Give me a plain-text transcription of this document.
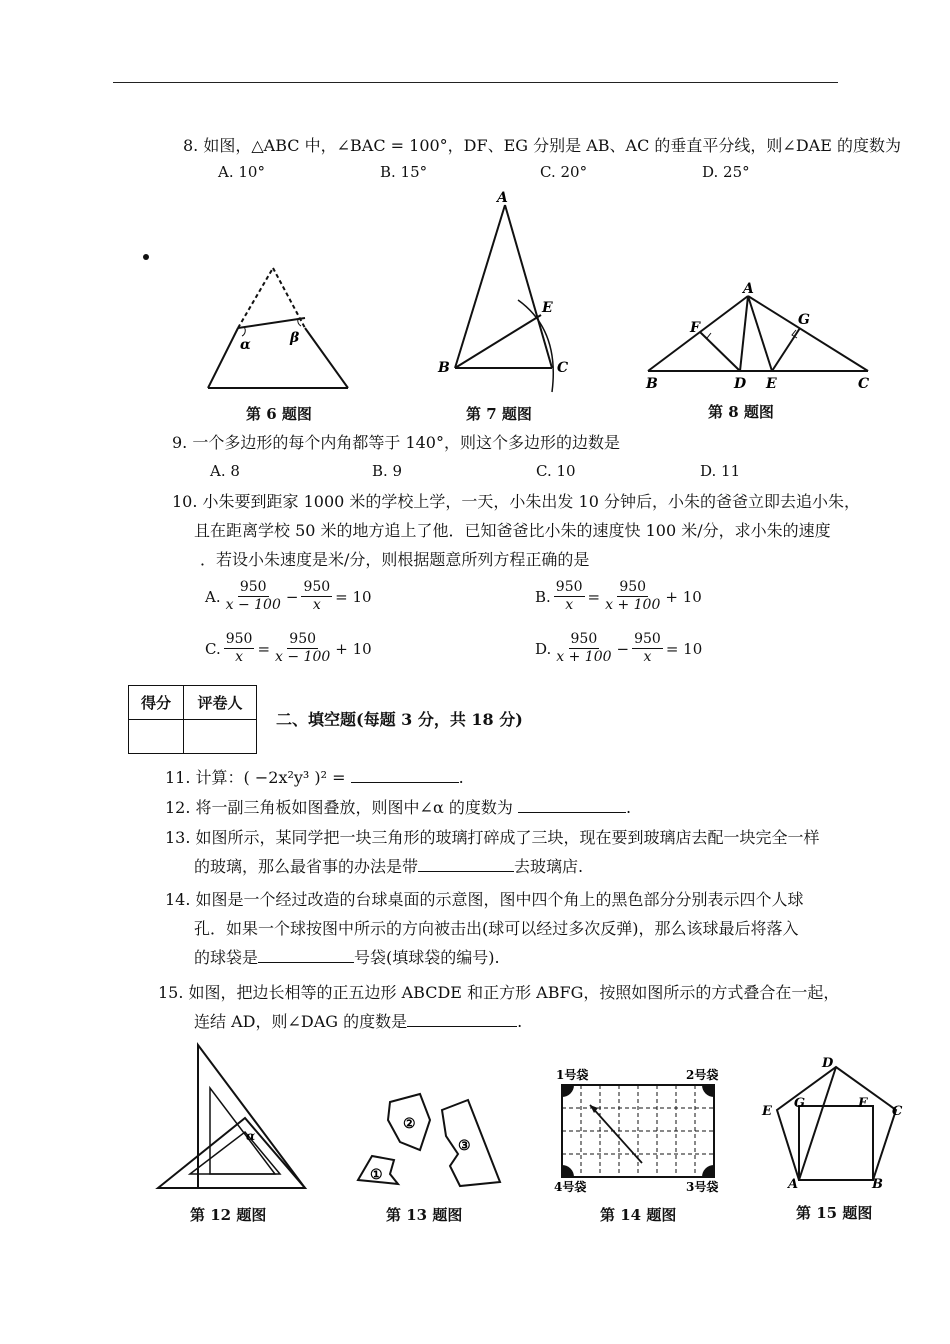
8. 如图，△ABC 中，∠BAC = 100°，DF、EG 分别是 AB、AC 的垂直平分线，则∠DAE 的度数为
A. 10°	B. 15°	C. 20°	D. 25°
α	β
第 6 题图
A
B	C
E
第 7 题图
A
B	C
D E
F	G
第 8 题图
9. 一个多边形的每个内角都等于 140°，则这个多边形的边数是
A. 8	B. 9	C. 10	D. 11
10. 小朱要到距家 1000 米的学校上学，一天，小朱出发 10 分钟后，小朱的爸爸立即去追小朱，
且在距离学校 50 米的地方追上了他．已知爸爸比小朱的速度快 100 米/分，求小朱的速度
．若设小朱速度是米/分，则根据题意所列方程正确的是
A. $\frac{950}{x - 100} - \frac{950}{x} = 10$	B. $\frac{950}{x} = \frac{950}{x + 100} + 10$
C. $\frac{950}{x} = \frac{950}{x - 100} + 10$	D. $\frac{950}{x + 100} - \frac{950}{x} = 10$
得分	评卷人

二、填空题(每题 3 分，共 18 分)
11. 计算：( −2x²y³ )² =	.
12. 将一副三角板如图叠放，则图中∠α 的度数为	.
13. 如图所示，某同学把一块三角形的玻璃打碎成了三块，现在要到玻璃店去配一块完全一样
的玻璃，那么最省事的办法是带	去玻璃店.
14. 如图是一个经过改造的台球桌面的示意图，图中四个角上的黑色部分分别表示四个人球
孔．如果一个球按图中所示的方向被击出(球可以经过多次反弹)，那么该球最后将落入
的球袋是	号袋(填球袋的编号).
15. 如图，把边长相等的正五边形 ABCDE 和正方形 ABFG，按照如图所示的方式叠合在一起，
连结 AD，则∠DAG 的度数是	.
α
第 12 题图
①
②
③
第 13 题图
1号袋	2号袋
3号袋
4号袋
第 14 题图
A	B
C
D
E
F
G
第 15 题图
